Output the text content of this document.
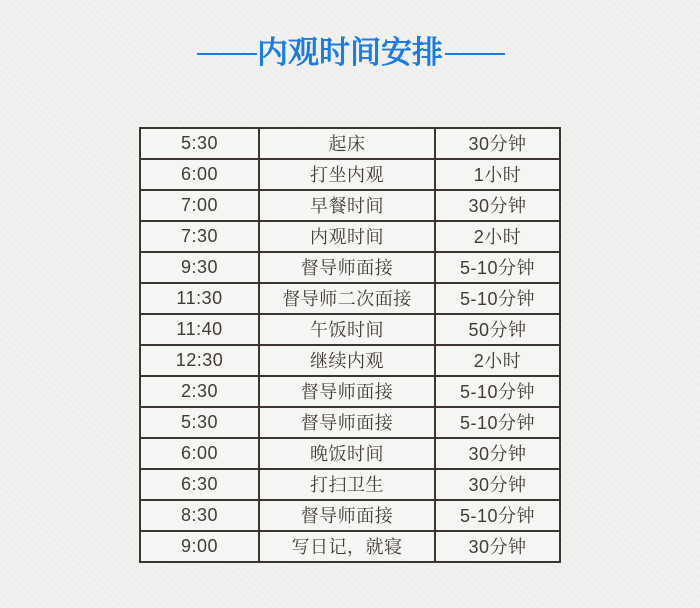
—— 内观时间安排 ——
5:30	起床	30分钟
6:00	打坐内观	1小时
7:00	早餐时间	30分钟
7:30	内观时间	2小时
9:30	督导师面接	5-10分钟
11:30	督导师二次面接	5-10分钟
11:40	午饭时间	50分钟
12:30	继续内观	2小时
2:30	督导师面接	5-10分钟
5:30	督导师面接	5-10分钟
6:00	晚饭时间	30分钟
6:30	打扫卫生	30分钟
8:30	督导师面接	5-10分钟
9:00	写日记，就寝	30分钟
